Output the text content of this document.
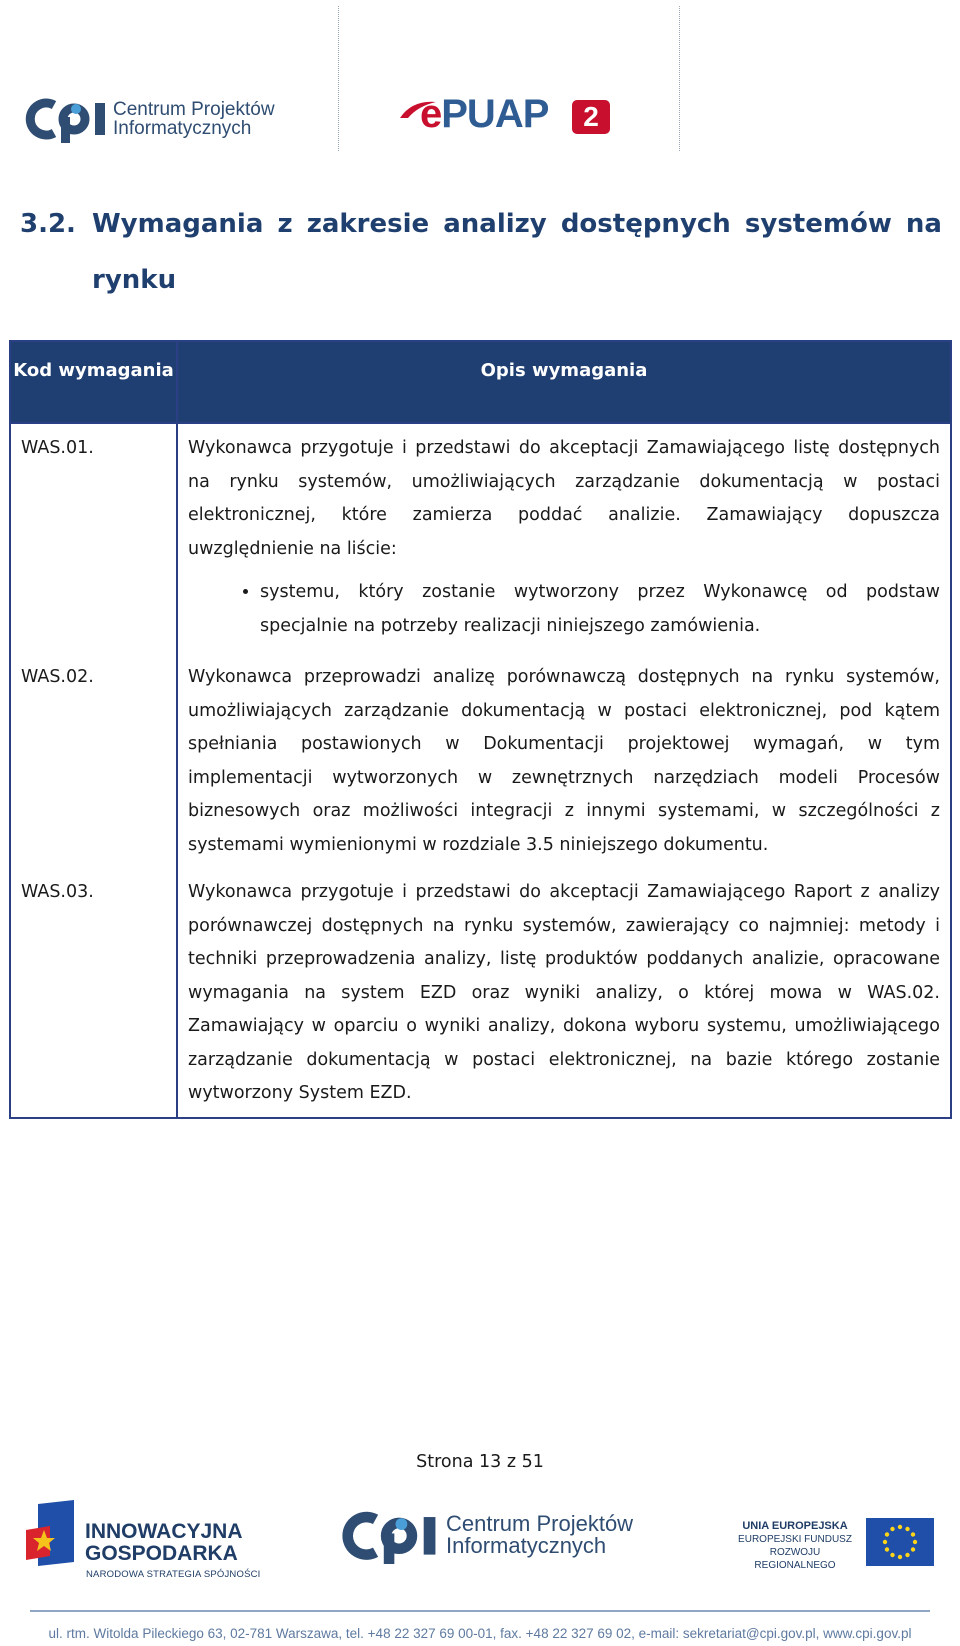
Centrum Projektów
Informatycznych	ePUAP	2
3.2. Wymagania z zakresie analizy dostępnych systemów na
rynku
Kod wymagania	Opis wymagania
WAS.01.	Wykonawca przygotuje i przedstawi do akceptacji Zamawiającego listę dostępnych na rynku systemów, umożliwiających zarządzanie dokumentacją w postaci elektronicznej, które zamierza poddać analizie. Zamawiający dopuszcza uwzględnienie na liście:
• systemu, który zostanie wytworzony przez Wykonawcę od podstaw specjalnie na potrzeby realizacji niniejszego zamówienia.
WAS.02.	Wykonawca przeprowadzi analizę porównawczą dostępnych na rynku systemów, umożliwiających zarządzanie dokumentacją w postaci elektronicznej, pod kątem spełniania postawionych w Dokumentacji projektowej wymagań, w tym implementacji wytworzonych w zewnętrznych narzędziach modeli Procesów biznesowych oraz możliwości integracji z innymi systemami, w szczególności z systemami wymienionymi w rozdziale 3.5 niniejszego dokumentu.
WAS.03.	Wykonawca przygotuje i przedstawi do akceptacji Zamawiającego Raport z analizy porównawczej dostępnych na rynku systemów, zawierający co najmniej: metody i techniki przeprowadzenia analizy, listę produktów poddanych analizie, opracowane wymagania na system EZD oraz wyniki analizy, o której mowa w WAS.02. Zamawiający w oparciu o wyniki analizy, dokona wyboru systemu, umożliwiającego zarządzanie dokumentacją w postaci elektronicznej, na bazie którego zostanie wytworzony System EZD.
Strona 13 z 51
INNOWACYJNA
GOSPODARKA
NARODOWA STRATEGIA SPÓJNOŚCI
Centrum Projektów
Informatycznych
UNIA EUROPEJSKA
EUROPEJSKI FUNDUSZ
ROZWOJU REGIONALNEGO
ul. rtm. Witolda Pileckiego 63, 02-781 Warszawa, tel. +48 22 327 69 00-01, fax. +48 22 327 69 02, e-mail: sekretariat@cpi.gov.pl, www.cpi.gov.pl
